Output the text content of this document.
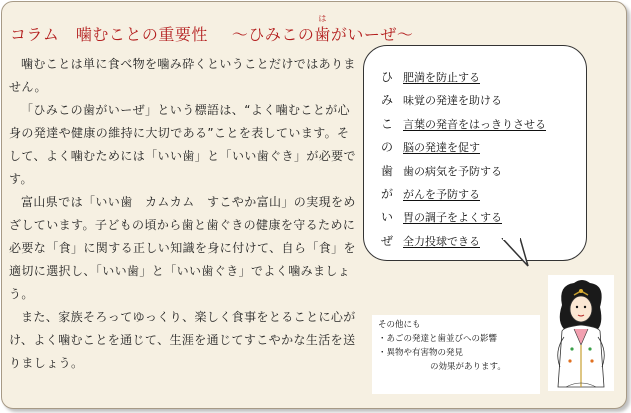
コラム　噛むことの重要性 ～ひみこの歯
は
がいーぜ～

噛むことは単に食べ物を噛み砕くということだけではありません。

「ひみこの歯がいーぜ」という標語は、“よく噛むことが心身の発達や健康の維持に大切である”ことを表しています。そして、よく噛むためには「いい歯」と「いい歯ぐき」が必要です。

富山県では「いい歯　カムカム　すこやか富山」の実現をめざしています。子どもの頃から歯と歯ぐきの健康を守るために必要な「食」に関する正しい知識を身に付けて、自ら「食」を適切に選択し、「いい歯」と「いい歯ぐき」でよく噛みましょう。

また、家族そろってゆっくり、楽しく食事をとることに心がけ、よく噛むことを通じて、生涯を通じてすこやかな生活を送りましょう。

ひ 肥満を防止する
み 味覚の発達を助ける
こ 言葉の発音をはっきりさせる
の 脳の発達を促す
歯 歯の病気を予防する
が がんを予防する
い 胃の調子をよくする
ぜ 全力投球できる
その他にも
・あごの発達と歯並びへの影響
・異物や有害物の発見
の効果があります。
